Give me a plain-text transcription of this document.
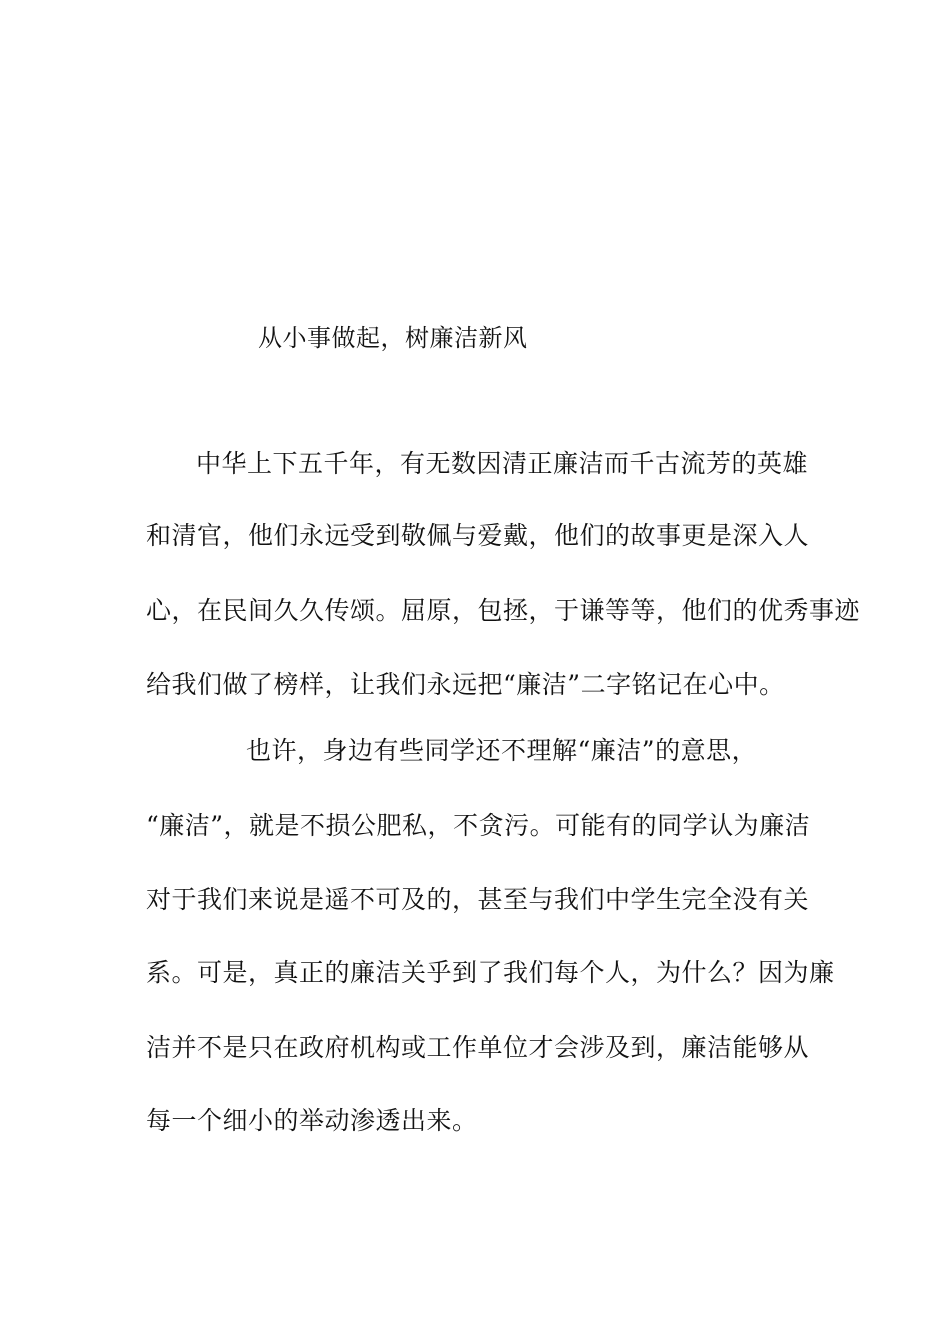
从小事做起，树廉洁新风
中华上下五千年，有无数因清正廉洁而千古流芳的英雄
和清官，他们永远受到敬佩与爱戴，他们的故事更是深入人
心，在民间久久传颂。屈原，包拯，于谦等等，他们的优秀事迹
给我们做了榜样，让我们永远把“廉洁”二字铭记在心中。
也许，身边有些同学还不理解“廉洁”的意思，
“廉洁”，就是不损公肥私，不贪污。可能有的同学认为廉洁
对于我们来说是遥不可及的，甚至与我们中学生完全没有关
系。可是，真正的廉洁关乎到了我们每个人，为什么？因为廉
洁并不是只在政府机构或工作单位才会涉及到，廉洁能够从
每一个细小的举动渗透出来。
